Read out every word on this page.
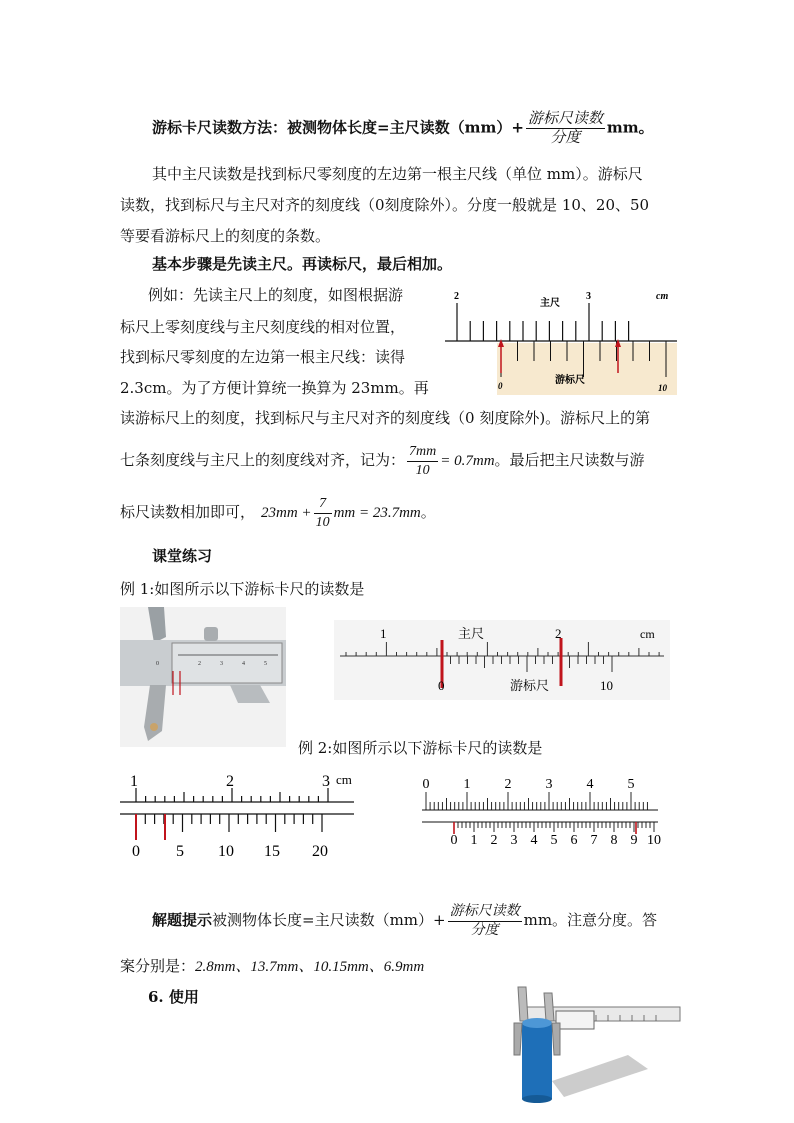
游标卡尺读数方法：被测物体长度=主尺读数$(mm)+ \frac{\text{游标尺读数}}{\text{分度}}$ mm。
其中主尺读数是找到标尺零刻度的左边第一根主尺线（单位 mm）。游标尺
读数，找到标尺与主尺对齐的刻度线（0刻度除外）。分度一般就是 10、20、50
等要看游标尺上的刻度的条数。
基本步骤是先读主尺。再读标尺，最后相加。
例如：先读主尺上的刻度，如图根据游
标尺上零刻度线与主尺刻度线的相对位置，
找到标尺零刻度的左边第一根主尺线：读得
2.3cm。为了方便计算统一换算为 23mm。再
读游标尺上的刻度，找到标尺与主尺对齐的刻度线（0 刻度除外)。游标尺上的第
七条刻度线与主尺上的刻度线对齐，记为： $\frac{7mm}{10} = 0.7mm$。最后把主尺读数与游
标尺读数相加即可， $23mm + \frac{7}{10}$ mm = 23.7mm。
2	3
主尺
cm
0	10
游标尺
课堂练习
例 1:如图所示以下游标卡尺的读数是
0	2	3	4	5
1	2
主尺	cm
0	10
游标尺
例 2:如图所示以下游标卡尺的读数是
1	2	3 cm
0 5 10 15 20
0 1 2 3 4 5
0 1 2 3 4 5 6 7 8 9 10
解题提示被测物体长度=主尺读数$(mm)+ \frac{\text{游标尺读数}}{\text{分度}}$ mm。注意分度。答
案分别是：2.8mm、13.7mm、10.15mm、6.9mm
6. 使用
